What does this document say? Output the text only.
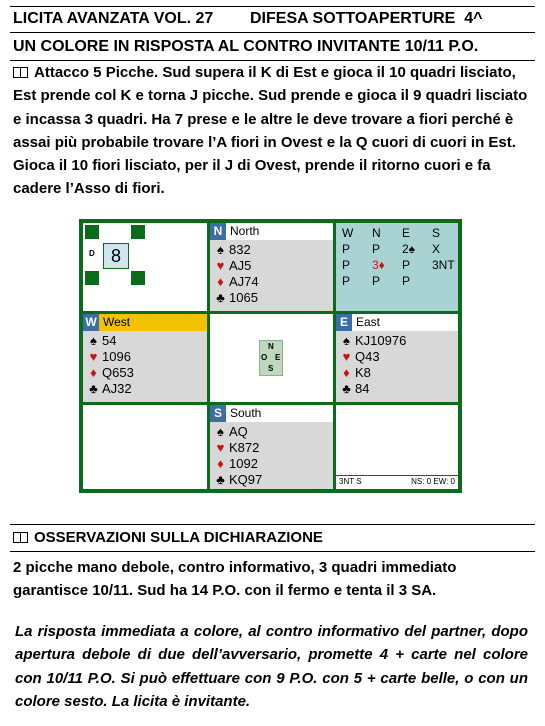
LICITA AVANZATA VOL. 27 DIFESA SOTTOAPERTURE  4^
UN COLORE IN RISPOSTA AL CONTRO INVITANTE 10/11 P.O.
Attacco 5 Picche. Sud supera il K di Est e gioca il 10 quadri lisciato, Est prende col K e torna J picche. Sud prende e gioca il 9 quadri lisciato e incassa 3 quadri. Ha 7 prese e le altre le deve trovare a fiori perché è assai più probabile trovare l’A fiori in Ovest e la Q cuori di cuori in Est. Gioca il 10 fiori lisciato, per il J di Ovest, prende il ritorno cuori e fa cadere l’Asso di fiori.
8
D
N North
♠ 832
♥ AJ5
♦ AJ74
♣ 1065
W	N	E	S
P	P	2♠	X
P	3♦	P	3NT
P	P	P
W West
♠ 54
♥ 1096
♦ Q653
♣ AJ32
N
O E
S
E East
♠ KJ10976
♥ Q43
♦ K8
♣ 84
S South
♠ AQ
♥ K872
♦ 1092
♣ KQ97	3NT S	NS: 0 EW: 0
OSSERVAZIONI SULLA DICHIARAZIONE
2 picche mano debole, contro informativo, 3 quadri immediato garantisce 10/11. Sud ha 14 P.O. con il fermo e tenta il 3 SA.
La risposta immediata a colore, al contro informativo del partner, dopo apertura debole di due dell’avversario, promette 4 + carte nel colore con 10/11 P.O. Si può effettuare con 9 P.O. con 5 + carte belle, o con un colore sesto. La licita è invitante.
